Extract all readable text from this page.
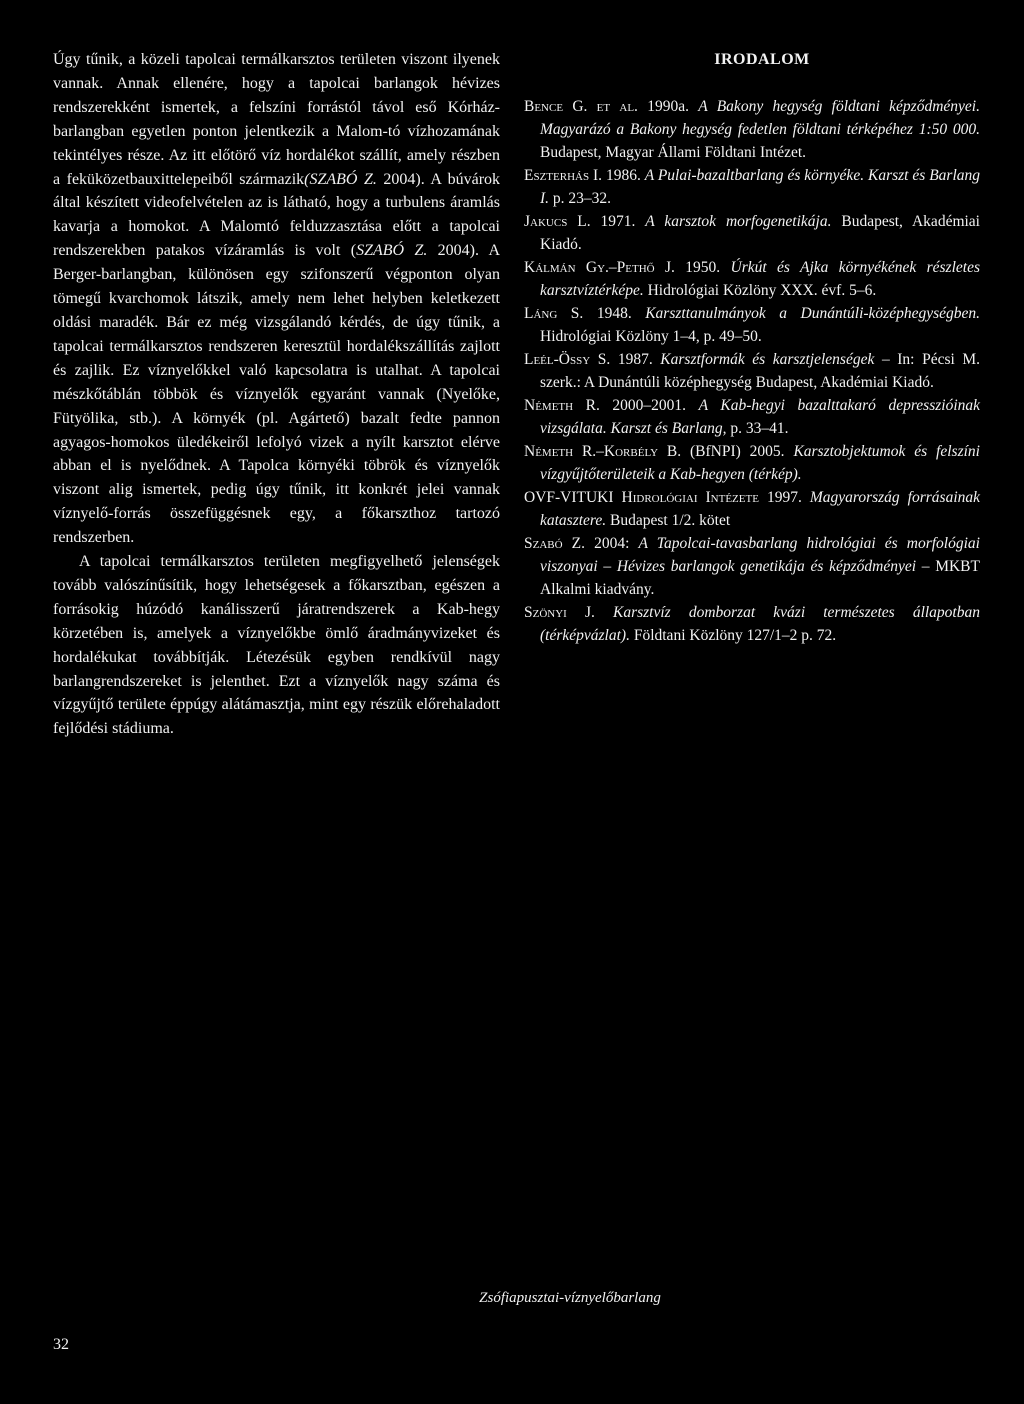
Úgy tűnik, a közeli tapolcai termálkarsztos területen viszont ilyenek vannak. Annak ellenére, hogy a tapolcai barlangok hévizes rendszerekként ismertek, a felszíni forrástól távol eső Kórház-barlangban egyetlen ponton jelentkezik a Malom-tó vízhozamának tekintélyes része. Az itt előtörő víz hordalékot szállít, amely részben a feküközetbauxittelepeiből származik(SZABÓ Z. 2004). A búvárok által készített videofelvételen az is látható, hogy a turbulens áramlás kavarja a homokot. A Malomtó felduzzasztása előtt a tapolcai rendszerekben patakos vízáramlás is volt (SZABÓ Z. 2004). A Berger-barlangban, különösen egy szifonszerű végponton olyan tömegű kvarchomok látszik, amely nem lehet helyben keletkezett oldási maradék. Bár ez még vizsgálandó kérdés, de úgy tűnik, a tapolcai termálkarsztos rendszeren keresztül hordalékszállítás zajlott és zajlik. Ez víznyelőkkel való kapcsolatra is utalhat. A tapolcai mészkőtáblán többök és víznyelők egyaránt vannak (Nyelőke, Fütyölika, stb.). A környék (pl. Agártető) bazalt fedte pannon agyagos-homokos üledékeiről lefolyó vizek a nyílt karsztot elérve abban el is nyelődnek. A Tapolca környéki töbrök és víznyelők viszont alig ismertek, pedig úgy tűnik, itt konkrét jelei vannak víznyelő-forrás összefüggésnek egy, a főkarszthoz tartozó rendszerben.

A tapolcai termálkarsztos területen megfigyelhető jelenségek tovább valószínűsítik, hogy lehetségesek a főkarsztban, egészen a forrásokig húzódó kanálisszerű járatrendszerek a Kab-hegy körzetében is, amelyek a víznyelőkbe ömlő áradmányvizeket és hordalékukat továbbítják. Létezésük egyben rendkívül nagy barlangrendszereket is jelenthet. Ezt a víznyelők nagy száma és vízgyűjtő területe éppúgy alátámasztja, mint egy részük előrehaladott fejlődési stádiuma.

IRODALOM

Bence G. et al. 1990a. A Bakony hegység földtani képződményei. Magyarázó a Bakony hegység fedetlen földtani térképéhez 1:50 000. Budapest, Magyar Állami Földtani Intézet.

Eszterhás I. 1986. A Pulai-bazaltbarlang és környéke. Karszt és Barlang I. p. 23–32.

Jakucs L. 1971. A karsztok morfogenetikája. Budapest, Akadémiai Kiadó.

Kálmán Gy.–Pethő J. 1950. Úrkút és Ajka környékének részletes karsztvíztérképe. Hidrológiai Közlöny XXX. évf. 5–6.

Láng S. 1948. Karszttanulmányok a Dunántúli-középhegységben. Hidrológiai Közlöny 1–4, p. 49–50.

Leél-Össy S. 1987. Karsztformák és karsztjelenségek – In: Pécsi M. szerk.: A Dunántúli középhegység Budapest, Akadémiai Kiadó.

Németh R. 2000–2001. A Kab-hegyi bazalttakaró depresszióinak vizsgálata. Karszt és Barlang, p. 33–41.

Németh R.–Korbély B. (BfNPI) 2005. Karsztobjektumok és felszíni vízgyűjtőterületeik a Kab-hegyen (térkép).

OVF-VITUKI Hidrológiai Intézete 1997. Magyarország forrásainak katasztere. Budapest 1/2. kötet

Szabó Z. 2004: A Tapolcai-tavasbarlang hidrológiai és morfológiai viszonyai – Hévizes barlangok genetikája és képződményei – MKBT Alkalmi kiadvány.

Szönyi J. Karsztvíz domborzat kvázi természetes állapotban (térképvázlat). Földtani Közlöny 127/1–2 p. 72.

Zsófiapusztai-víznyelőbarlang
32
